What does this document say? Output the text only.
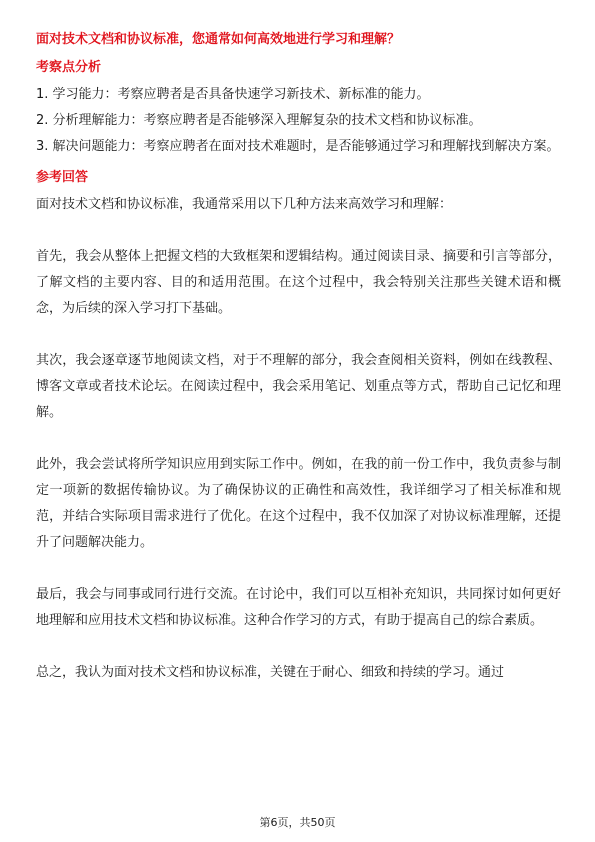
面对技术文档和协议标准，您通常如何高效地进行学习和理解？
考察点分析
1. 学习能力：考察应聘者是否具备快速学习新技术、新标准的能力。
2. 分析理解能力：考察应聘者是否能够深入理解复杂的技术文档和协议标准。
3. 解决问题能力：考察应聘者在面对技术难题时，是否能够通过学习和理解找到解决方案。
参考回答

面对技术文档和协议标准，我通常采用以下几种方法来高效学习和理解：

首先，我会从整体上把握文档的大致框架和逻辑结构。通过阅读目录、摘要和引言等部分，了解文档的主要内容、目的和适用范围。在这个过程中，我会特别关注那些关键术语和概念，为后续的深入学习打下基础。

其次，我会逐章逐节地阅读文档，对于不理解的部分，我会查阅相关资料，例如在线教程、博客文章或者技术论坛。在阅读过程中，我会采用笔记、划重点等方式，帮助自己记忆和理解。

此外，我会尝试将所学知识应用到实际工作中。例如，在我的前一份工作中，我负责参与制定一项新的数据传输协议。为了确保协议的正确性和高效性，我详细学习了相关标准和规范，并结合实际项目需求进行了优化。在这个过程中，我不仅加深了对协议标准理解，还提升了问题解决能力。

最后，我会与同事或同行进行交流。在讨论中，我们可以互相补充知识，共同探讨如何更好地理解和应用技术文档和协议标准。这种合作学习的方式，有助于提高自己的综合素质。

总之，我认为面对技术文档和协议标准，关键在于耐心、细致和持续的学习。通过

第6页，共50页
